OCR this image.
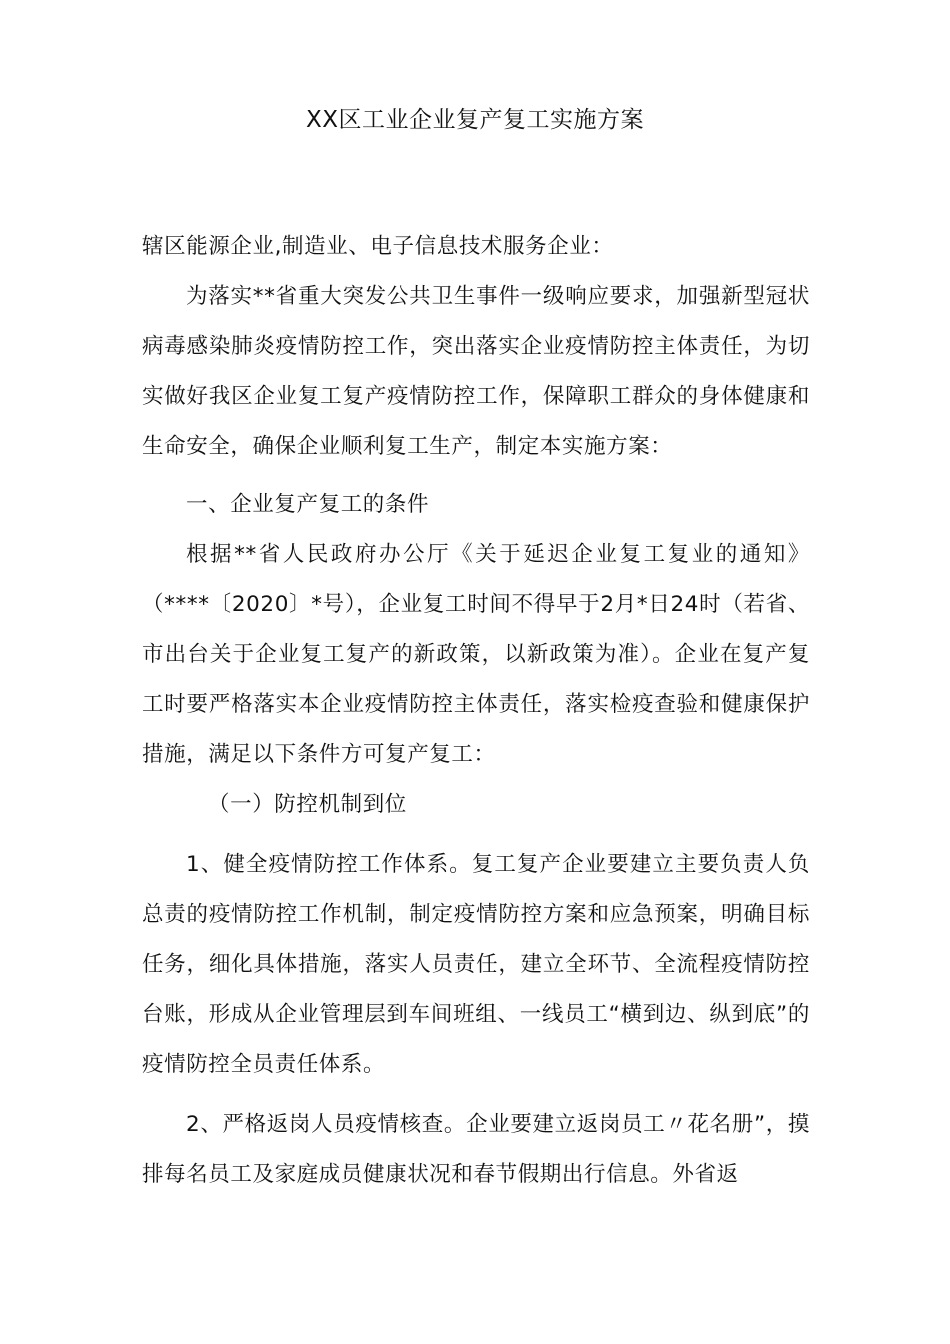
XX区工业企业复产复工实施方案

辖区能源企业,制造业、电子信息技术服务企业：

为落实**省重大突发公共卫生事件一级响应要求，加强新型冠状病毒感染肺炎疫情防控工作，突出落实企业疫情防控主体责任，为切实做好我区企业复工复产疫情防控工作，保障职工群众的身体健康和生命安全，确保企业顺利复工生产，制定本实施方案：

一、企业复产复工的条件

根据**省人民政府办公厅《关于延迟企业复工复业的通知》（****〔2020〕*号），企业复工时间不得早于2月*日24时（若省、市出台关于企业复工复产的新政策，以新政策为准）。企业在复产复工时要严格落实本企业疫情防控主体责任，落实检疫查验和健康保护措施，满足以下条件方可复产复工：

（一）防控机制到位

1、健全疫情防控工作体系。复工复产企业要建立主要负责人负总责的疫情防控工作机制，制定疫情防控方案和应急预案，明确目标任务，细化具体措施，落实人员责任，建立全环节、全流程疫情防控台账，形成从企业管理层到车间班组、一线员工“横到边、纵到底”的疫情防控全员责任体系。

2、严格返岗人员疫情核查。企业要建立返岗员工〃花名册”，摸排每名员工及家庭成员健康状况和春节假期出行信息。外省返
